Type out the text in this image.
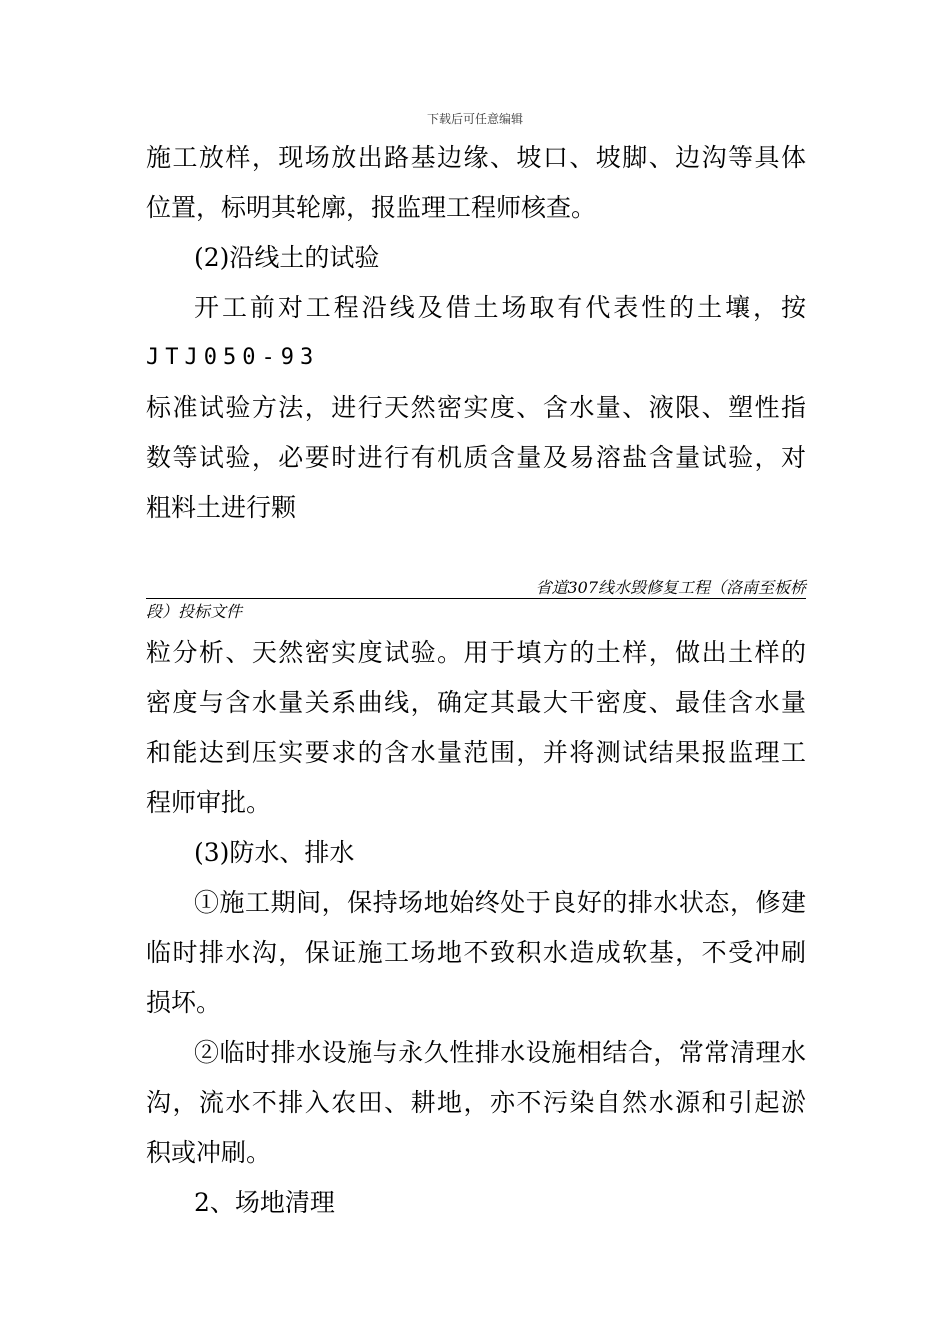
下载后可任意编辑
施工放样，现场放出路基边缘、坡口、坡脚、边沟等具体
位置，标明其轮廓，报监理工程师核查。
(2)沿线土的试验
开工前对工程沿线及借土场取有代表性的土壤，按
JTJ050-93
标准试验方法，进行天然密实度、含水量、液限、塑性指
数等试验，必要时进行有机质含量及易溶盐含量试验，对
粗料土进行颗
省道307线水毁修复工程（洛南至板桥
段）投标文件
粒分析、天然密实度试验。用于填方的土样，做出土样的
密度与含水量关系曲线，确定其最大干密度、最佳含水量
和能达到压实要求的含水量范围，并将测试结果报监理工
程师审批。
(3)防水、排水
①施工期间，保持场地始终处于良好的排水状态，修建
临时排水沟，保证施工场地不致积水造成软基，不受冲刷
损坏。
②临时排水设施与永久性排水设施相结合，常常清理水
沟，流水不排入农田、耕地，亦不污染自然水源和引起淤
积或冲刷。
2、场地清理
